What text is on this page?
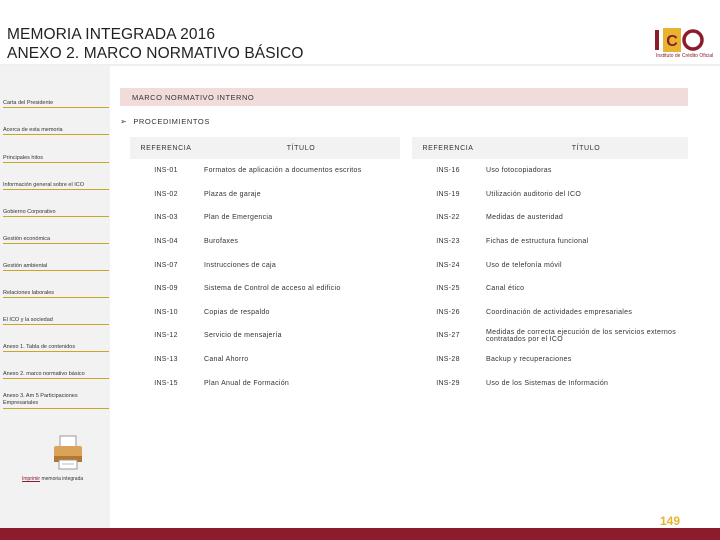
MEMORIA INTEGRADA 2016
ANEXO 2. MARCO NORMATIVO BÁSICO
C
Instituto de Crédito Oficial
Carta del Presidente
Acerca de esta memoria
Principales hitos
Información general sobre el ICO
Gobierno Corporativo
Gestión económica
Gestión ambiental
Relaciones laborales
El ICO y la sociedad
Anexo 1. Tabla de contenidos
Anexo 2. marco normativo básico
Anexo 3. Am 5 Participaciones Empresariales
Imprimir memoria integrada
MARCO NORMATIVO INTERNO
➢ PROCEDIMIENTOS
REFERENCIA	TÍTULO
INS-01	Formatos de aplicación a documentos escritos
INS-02	Plazas de garaje
INS-03	Plan de Emergencia
INS-04	Burofaxes
INS-07	Instrucciones de caja
INS-09	Sistema de Control de acceso al edificio
INS-10	Copias de respaldo
INS-12	Servicio de mensajería
INS-13	Canal Ahorro
INS-15	Plan Anual de Formación
REFERENCIA	TÍTULO
INS-16	Uso fotocopiadoras
INS-19	Utilización auditorio del ICO
INS-22	Medidas de austeridad
INS-23	Fichas de estructura funcional
INS-24	Uso de telefonía móvil
INS-25	Canal ético
INS-26	Coordinación de actividades empresariales
INS-27	Medidas de correcta ejecución de los servicios externos contratados por el ICO
INS-28	Backup y recuperaciones
INS-29	Uso de los Sistemas de Información
149
